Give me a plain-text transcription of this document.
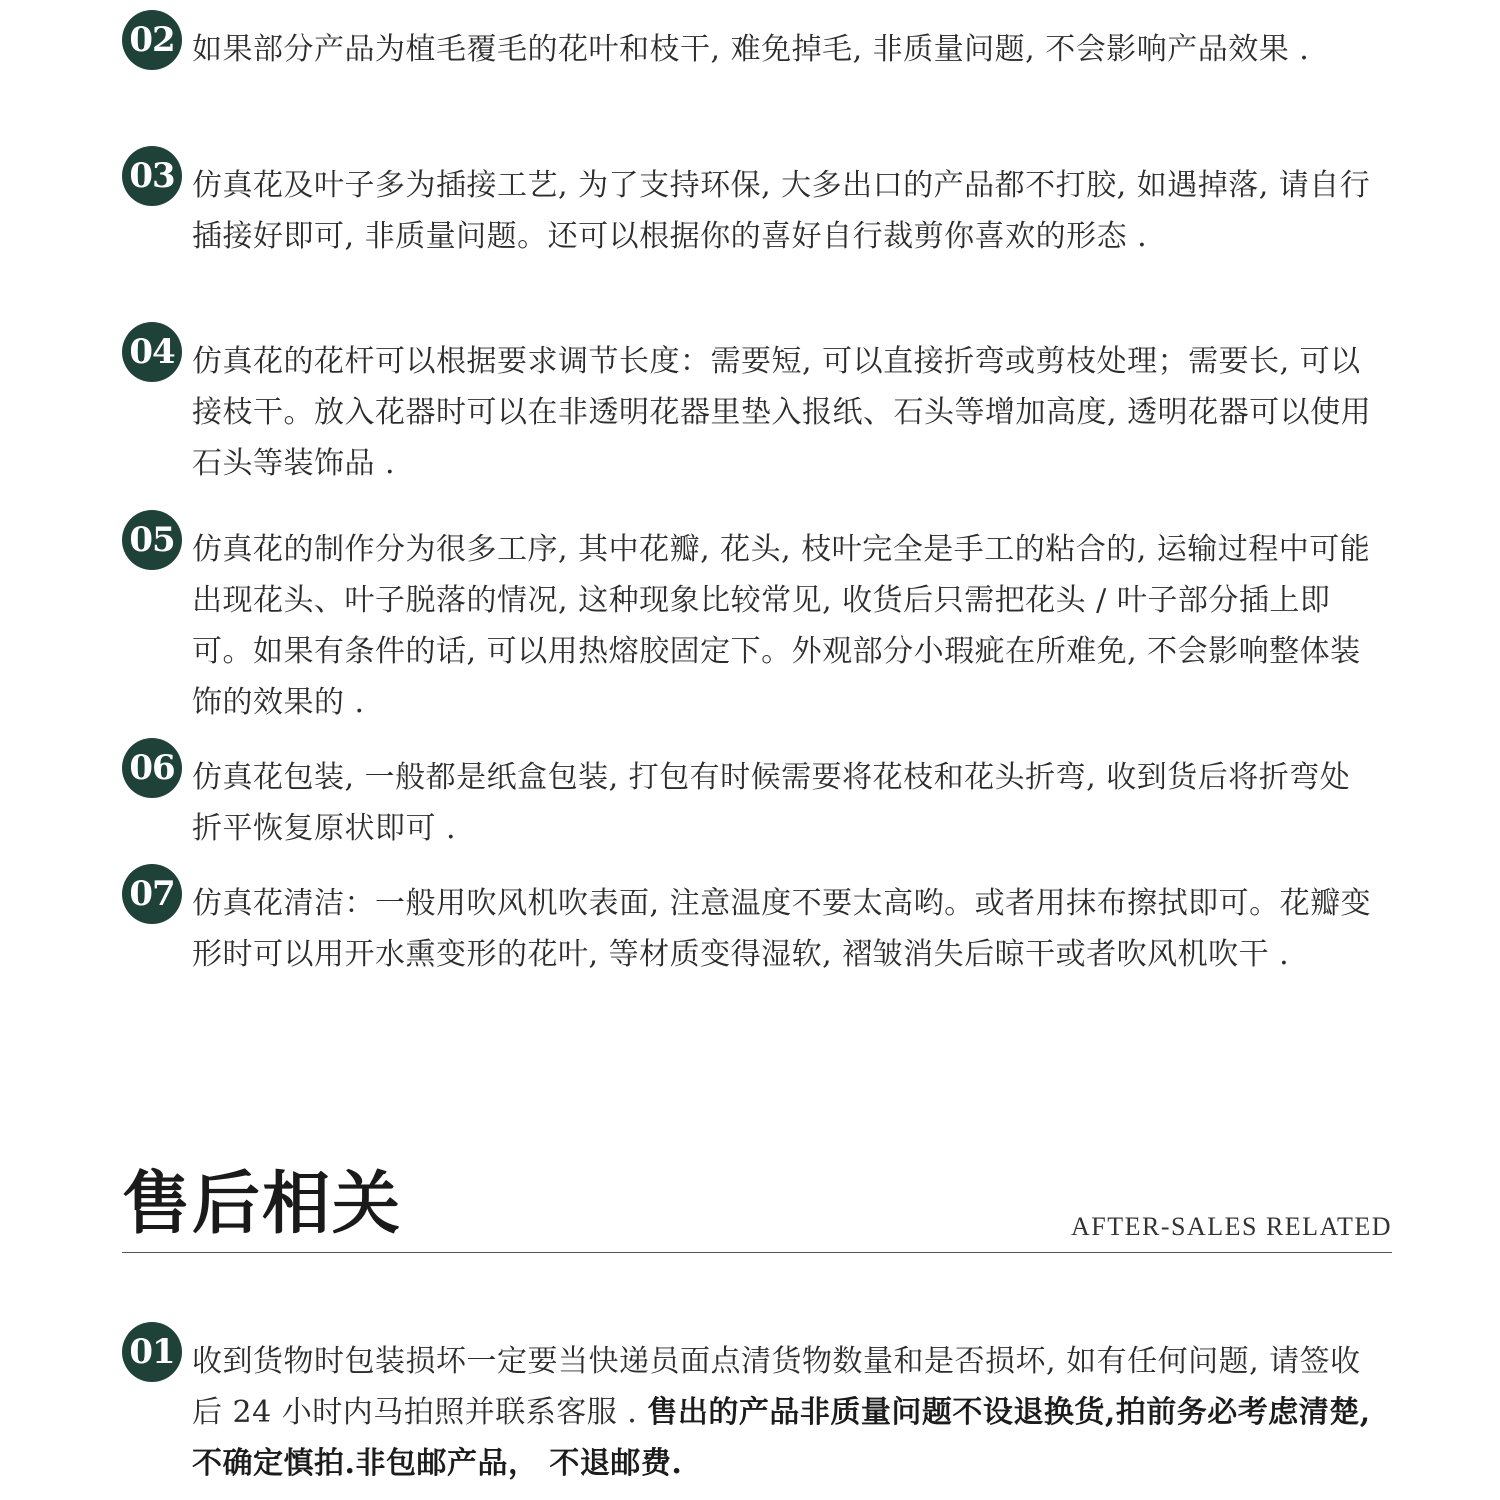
02 如果部分产品为植毛覆毛的花叶和枝干, 难免掉毛, 非质量问题, 不会影响产品效果 .
03 仿真花及叶子多为插接工艺, 为了支持环保, 大多出口的产品都不打胶, 如遇掉落, 请自行插接好即可, 非质量问题。还可以根据你的喜好自行裁剪你喜欢的形态 .
04 仿真花的花杆可以根据要求调节长度：需要短, 可以直接折弯或剪枝处理；需要长, 可以接枝干。放入花器时可以在非透明花器里垫入报纸、石头等增加高度, 透明花器可以使用石头等装饰品 .
05 仿真花的制作分为很多工序, 其中花瓣, 花头, 枝叶完全是手工的粘合的, 运输过程中可能出现花头、叶子脱落的情况, 这种现象比较常见, 收货后只需把花头 / 叶子部分插上即可。如果有条件的话, 可以用热熔胶固定下。外观部分小瑕疵在所难免, 不会影响整体装饰的效果的 .
06 仿真花包装, 一般都是纸盒包装, 打包有时候需要将花枝和花头折弯, 收到货后将折弯处折平恢复原状即可 .
07 仿真花清洁：一般用吹风机吹表面, 注意温度不要太高哟。或者用抹布擦拭即可。花瓣变形时可以用开水熏变形的花叶, 等材质变得湿软, 褶皱消失后晾干或者吹风机吹干 .
售后相关	AFTER-SALES RELATED
01 收到货物时包装损坏一定要当快递员面点清货物数量和是否损坏, 如有任何问题, 请签收后 24 小时内马拍照并联系客服 . 售出的产品非质量问题不设退换货,拍前务必考虑清楚,不确定慎拍.非包邮产品， 不退邮费.
